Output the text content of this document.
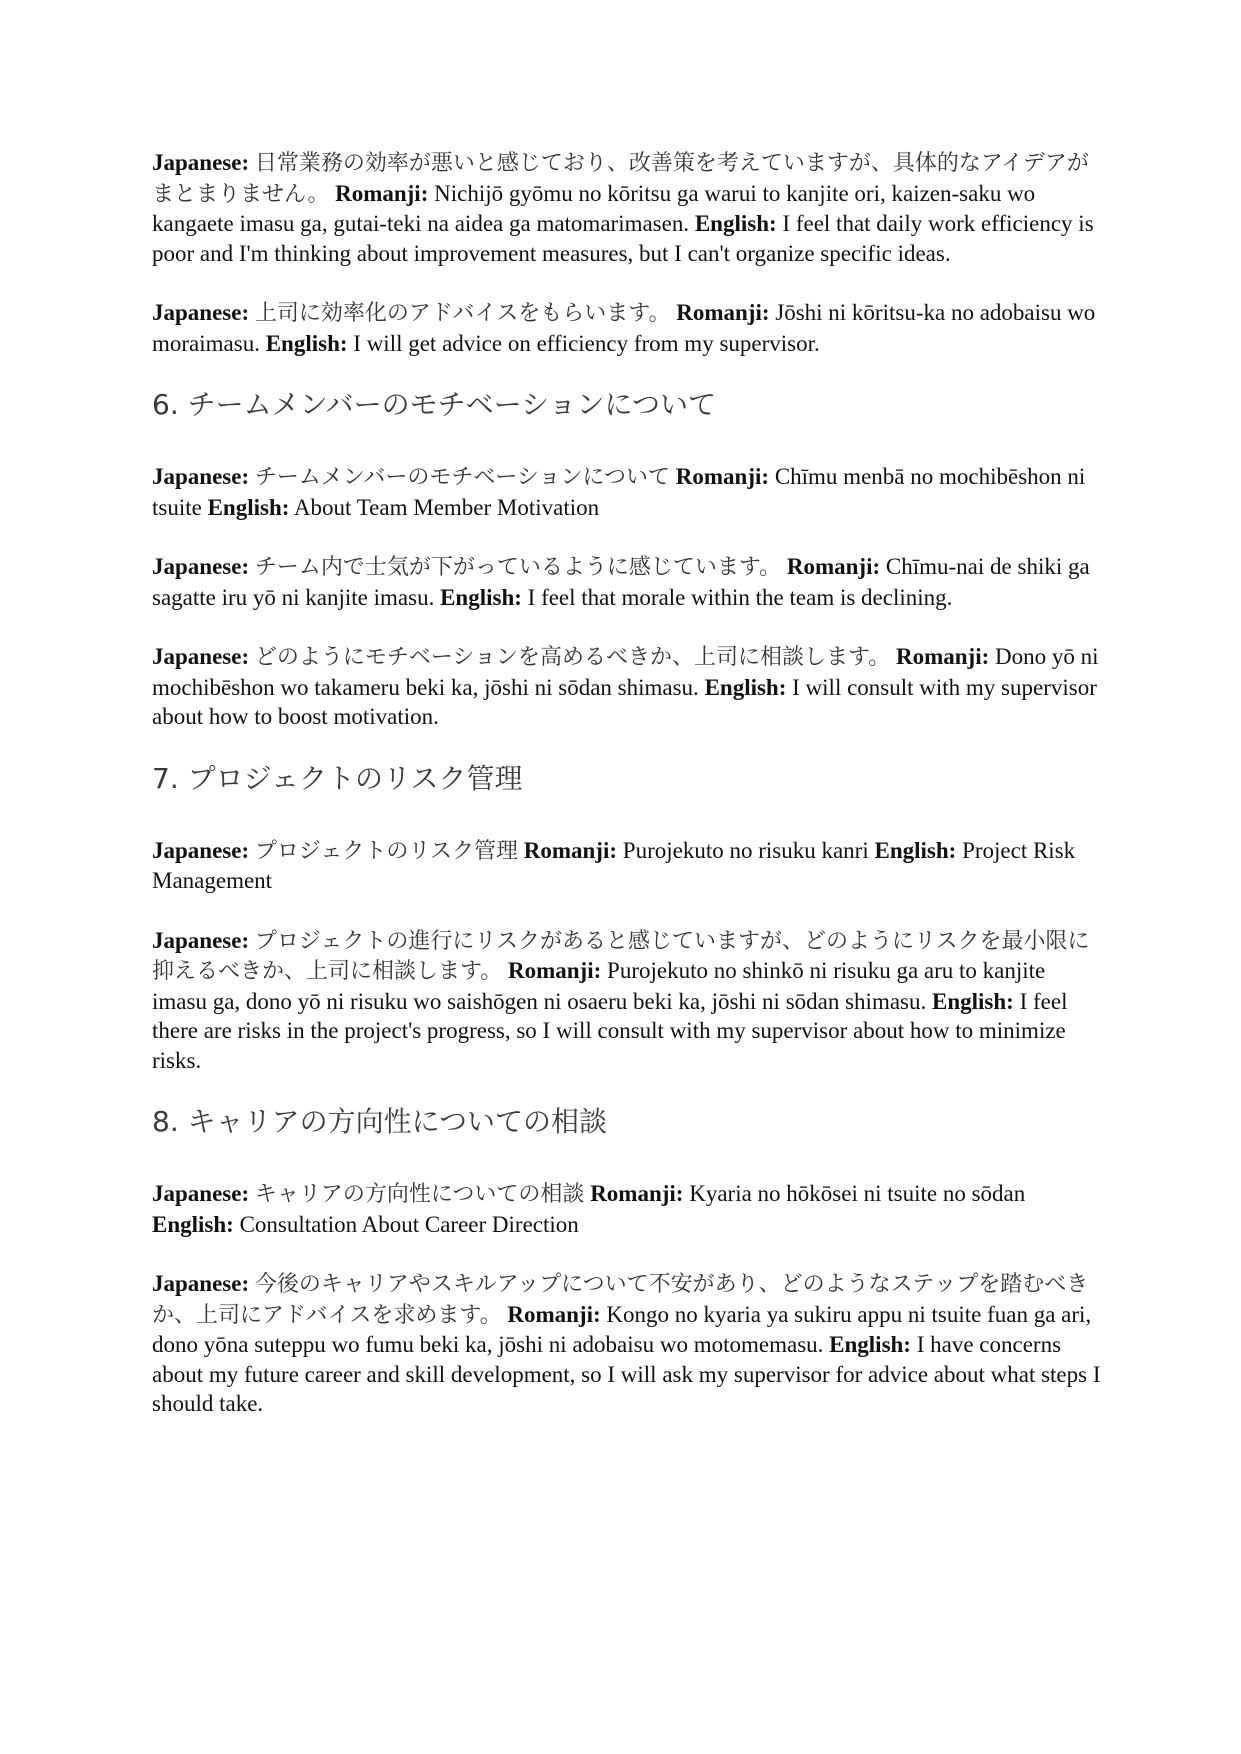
Japanese: 日常業務の効率が悪いと感じており、改善策を考えていますが、具体的なアイデアがまとまりません。 Romanji: Nichijō gyōmu no kōritsu ga warui to kanjite ori, kaizen-saku wo kangaete imasu ga, gutai-teki na aidea ga matomarimasen. English: I feel that daily work efficiency is poor and I'm thinking about improvement measures, but I can't organize specific ideas.

Japanese: 上司に効率化のアドバイスをもらいます。 Romanji: Jōshi ni kōritsu-ka no adobaisu wo moraimasu. English: I will get advice on efficiency from my supervisor.

6. チームメンバーのモチベーションについて

Japanese: チームメンバーのモチベーションについて Romanji: Chīmu menbā no mochibēshon ni tsuite English: About Team Member Motivation

Japanese: チーム内で士気が下がっているように感じています。 Romanji: Chīmu-nai de shiki ga sagatte iru yō ni kanjite imasu. English: I feel that morale within the team is declining.

Japanese: どのようにモチベーションを高めるべきか、上司に相談します。 Romanji: Dono yō ni mochibēshon wo takameru beki ka, jōshi ni sōdan shimasu. English: I will consult with my supervisor about how to boost motivation.

7. プロジェクトのリスク管理

Japanese: プロジェクトのリスク管理 Romanji: Purojekuto no risuku kanri English: Project Risk Management

Japanese: プロジェクトの進行にリスクがあると感じていますが、どのようにリスクを最小限に抑えるべきか、上司に相談します。 Romanji: Purojekuto no shinkō ni risuku ga aru to kanjite imasu ga, dono yō ni risuku wo saishōgen ni osaeru beki ka, jōshi ni sōdan shimasu. English: I feel there are risks in the project's progress, so I will consult with my supervisor about how to minimize risks.

8. キャリアの方向性についての相談

Japanese: キャリアの方向性についての相談 Romanji: Kyaria no hōkōsei ni tsuite no sōdan English: Consultation About Career Direction

Japanese: 今後のキャリアやスキルアップについて不安があり、どのようなステップを踏むべきか、上司にアドバイスを求めます。 Romanji: Kongo no kyaria ya sukiru appu ni tsuite fuan ga ari, dono yōna suteppu wo fumu beki ka, jōshi ni adobaisu wo motomemasu. English: I have concerns about my future career and skill development, so I will ask my supervisor for advice about what steps I should take.
